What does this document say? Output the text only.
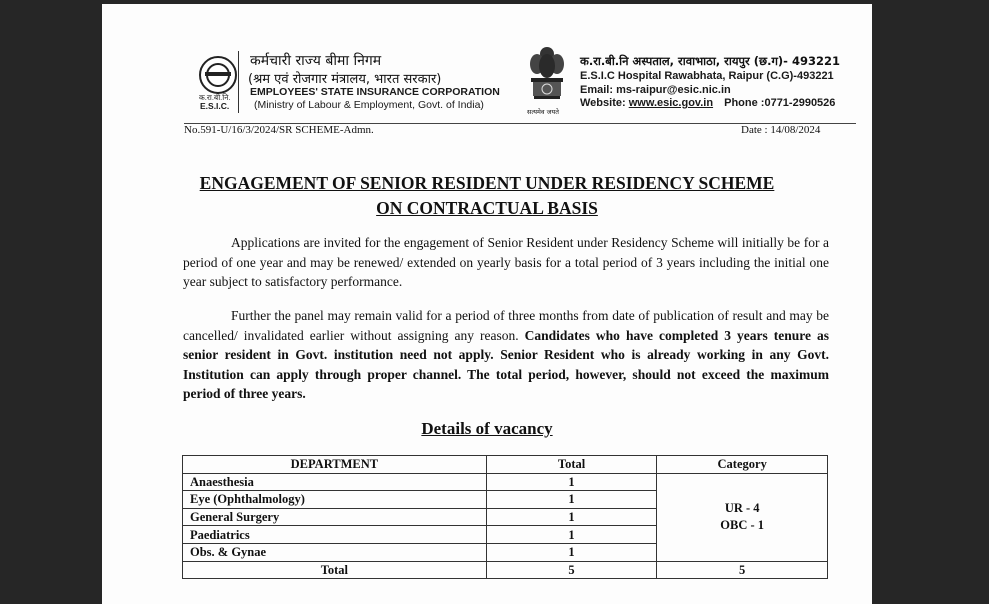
क.रा.बी.नि.
E.S.I.C.
कर्मचारी राज्य बीमा निगम
(श्रम एवं रोजगार मंत्रालय, भारत सरकार)
EMPLOYEES' STATE INSURANCE CORPORATION
(Ministry of Labour & Employment, Govt. of India)
सत्यमेव जयते
क.रा.बी.नि अस्पताल, रावाभाठा, रायपुर (छ.ग)- 493221
E.S.I.C Hospital Rawabhata, Raipur (C.G)-493221
Email: ms-raipur@esic.nic.in
Website: www.esic.gov.in Phone :0771-2990526
No.591-U/16/3/2024/SR SCHEME-Admn.	Date : 14/08/2024
ENGAGEMENT OF SENIOR RESIDENT UNDER RESIDENCY SCHEME
ON CONTRACTUAL BASIS
Applications are invited for the engagement of Senior Resident under Residency Scheme will initially be for a period of one year and may be renewed/ extended on yearly basis for a total period of 3 years including the initial one year subject to satisfactory performance.
Further the panel may remain valid for a period of three months from date of publication of result and may be cancelled/ invalidated earlier without assigning any reason. Candidates who have completed 3 years tenure as senior resident in Govt. institution need not apply. Senior Resident who is already working in any Govt. Institution can apply through proper channel. The total period, however, should not exceed the maximum period of three years.
Details of vacancy
DEPARTMENT	Total	Category
Anaesthesia	1	UR - 4
OBC - 1

Eye (Ophthalmology)	1	
General Surgery	1	
Paediatrics	1	
Obs. & Gynae	1	
Total	5	5
